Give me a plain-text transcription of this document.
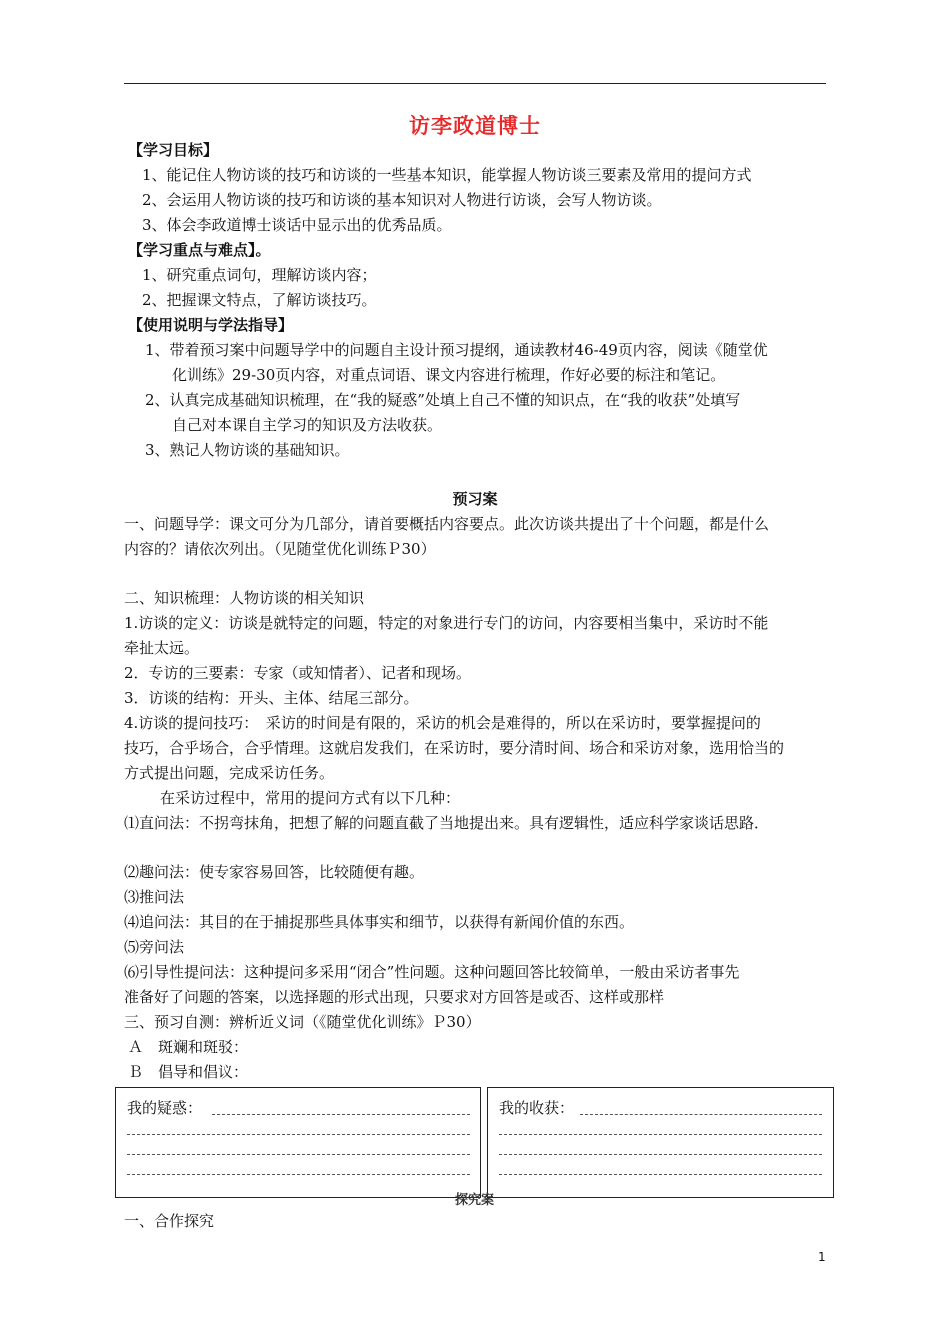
访李政道博士
【学习目标】
1、能记住人物访谈的技巧和访谈的一些基本知识，能掌握人物访谈三要素及常用的提问方式
2、会运用人物访谈的技巧和访谈的基本知识对人物进行访谈，会写人物访谈。
3、体会李政道博士谈话中显示出的优秀品质。
【学习重点与难点】。
1、研究重点词句，理解访谈内容；
2、把握课文特点，了解访谈技巧。
【使用说明与学法指导】
1、带着预习案中问题导学中的问题自主设计预习提纲，通读教材46-49页内容，阅读《随堂优
化训练》29-30页内容，对重点词语、课文内容进行梳理，作好必要的标注和笔记。
2、认真完成基础知识梳理，在“我的疑惑”处填上自己不懂的知识点，在“我的收获”处填写
自己对本课自主学习的知识及方法收获。
3、熟记人物访谈的基础知识。
预习案
一、问题导学：课文可分为几部分，请首要概括内容要点。此次访谈共提出了十个问题，都是什么
内容的？请依次列出。（见随堂优化训练Ｐ30）
二、知识梳理：人物访谈的相关知识
1.访谈的定义：访谈是就特定的问题，特定的对象进行专门的访问，内容要相当集中，采访时不能
牵扯太远。
2．专访的三要素：专家（或知情者）、记者和现场。
3．访谈的结构：开头、主体、结尾三部分。
4.访谈的提问技巧：　采访的时间是有限的，采访的机会是难得的，所以在采访时，要掌握提问的
技巧，合乎场合，合乎情理。这就启发我们，在采访时，要分清时间、场合和采访对象，选用恰当的
方式提出问题，完成采访任务。
在采访过程中，常用的提问方式有以下几种：
⑴直问法：不拐弯抹角，把想了解的问题直截了当地提出来。具有逻辑性，适应科学家谈话思路．
⑵趣问法：使专家容易回答，比较随便有趣。
⑶推问法
⑷追问法：其目的在于捕捉那些具体事实和细节，以获得有新闻价值的东西。
⑸旁问法
⑹引导性提问法：这种提问多采用“闭合”性问题。这种问题回答比较简单，一般由采访者事先
准备好了问题的答案，以选择题的形式出现，只要求对方回答是或否、这样或那样
三、预习自测：辨析近义词（《随堂优化训练》Ｐ30）
Ａ　斑斓和斑驳：
Ｂ　倡导和倡议：
我的疑惑：	我的收获：
探究案
一、合作探究
1
